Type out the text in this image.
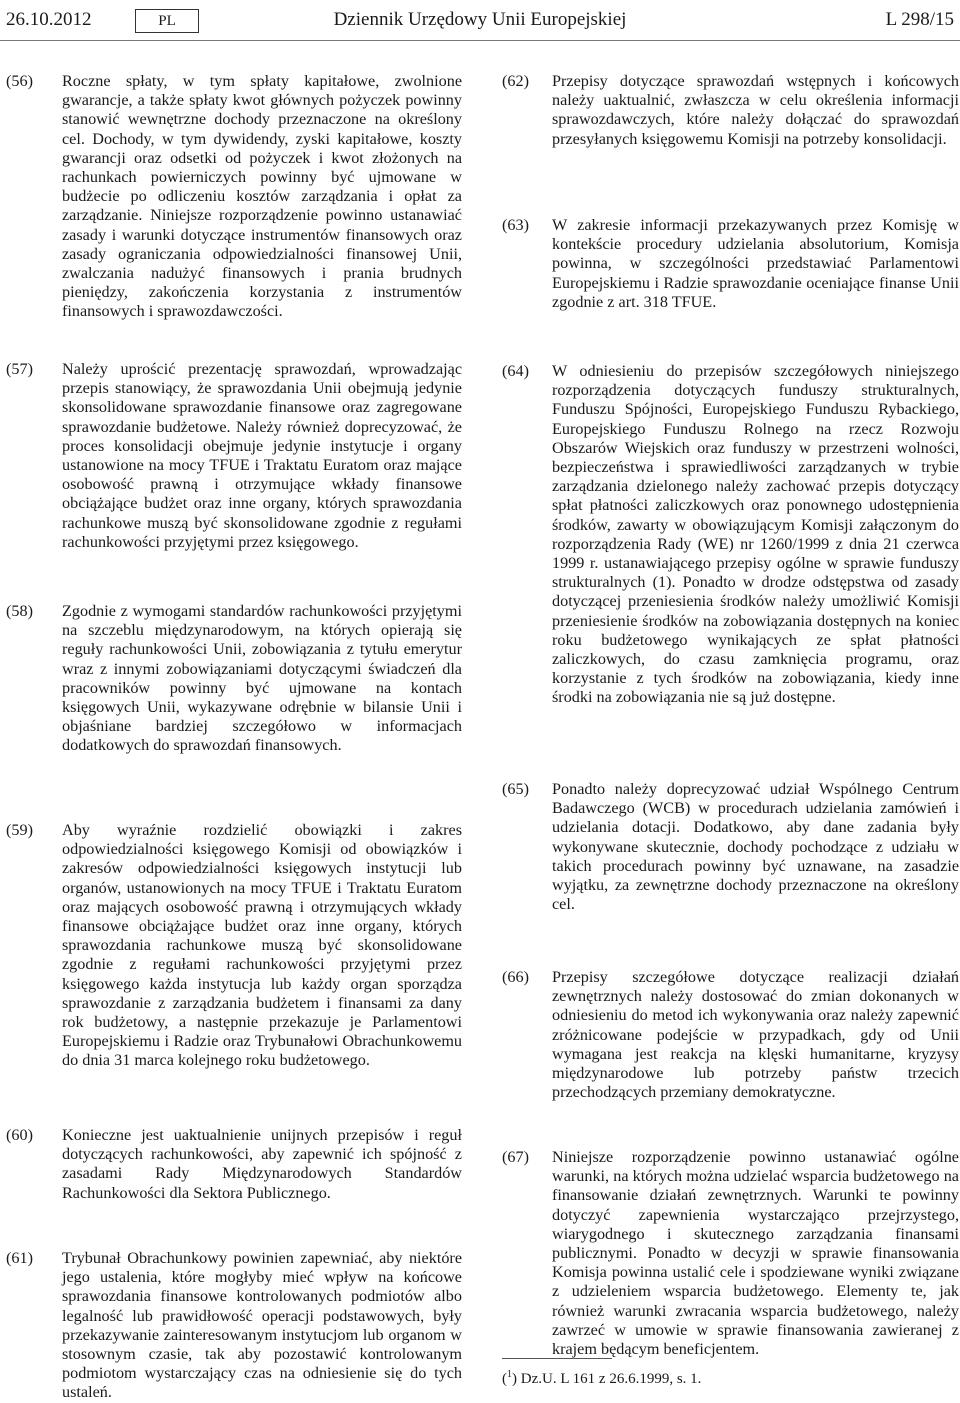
Dziennik Urzędowy Unii Europejskiej
26.10.2012	PL	L 298/15
(56)	Roczne spłaty, w tym spłaty kapitałowe, zwolnione gwarancje, a także spłaty kwot głównych pożyczek powinny stanowić wewnętrzne dochody przeznaczone na określony cel. Dochody, w tym dywidendy, zyski kapitałowe, koszty gwarancji oraz odsetki od pożyczek i kwot złożonych na rachunkach powierniczych powinny być ujmowane w budżecie po odliczeniu kosztów zarządzania i opłat za zarządzanie. Niniejsze rozporządzenie powinno ustanawiać zasady i warunki dotyczące instrumentów finansowych oraz zasady ograniczania odpowiedzialności finansowej Unii, zwalczania nadużyć finansowych i prania brudnych pieniędzy, zakończenia korzystania z instrumentów finansowych i sprawozdawczości.
(57)	Należy uprościć prezentację sprawozdań, wprowadzając przepis stanowiący, że sprawozdania Unii obejmują jedynie skonsolidowane sprawozdanie finansowe oraz zagregowane sprawozdanie budżetowe. Należy również doprecyzować, że proces konsolidacji obejmuje jedynie instytucje i organy ustanowione na mocy TFUE i Traktatu Euratom oraz mające osobowość prawną i otrzymujące wkłady finansowe obciążające budżet oraz inne organy, których sprawozdania rachunkowe muszą być skonsolidowane zgodnie z regułami rachunkowości przyjętymi przez księgowego.
(58)	Zgodnie z wymogami standardów rachunkowości przyjętymi na szczeblu międzynarodowym, na których opierają się reguły rachunkowości Unii, zobowiązania z tytułu emerytur wraz z innymi zobowiązaniami dotyczącymi świadczeń dla pracowników powinny być ujmowane na kontach księgowych Unii, wykazywane odrębnie w bilansie Unii i objaśniane bardziej szczegółowo w informacjach dodatkowych do sprawozdań finansowych.
(59)	Aby wyraźnie rozdzielić obowiązki i zakres odpowiedzialności księgowego Komisji od obowiązków i zakresów odpowiedzialności księgowych instytucji lub organów, ustanowionych na mocy TFUE i Traktatu Euratom oraz mających osobowość prawną i otrzymujących wkłady finansowe obciążające budżet oraz inne organy, których sprawozdania rachunkowe muszą być skonsolidowane zgodnie z regułami rachunkowości przyjętymi przez księgowego każda instytucja lub każdy organ sporządza sprawozdanie z zarządzania budżetem i finansami za dany rok budżetowy, a następnie przekazuje je Parlamentowi Europejskiemu i Radzie oraz Trybunałowi Obrachunkowemu do dnia 31 marca kolejnego roku budżetowego.
(60)	Konieczne jest uaktualnienie unijnych przepisów i reguł dotyczących rachunkowości, aby zapewnić ich spójność z zasadami Rady Międzynarodowych Standardów Rachunkowości dla Sektora Publicznego.
(61)	Trybunał Obrachunkowy powinien zapewniać, aby niektóre jego ustalenia, które mogłyby mieć wpływ na końcowe sprawozdania finansowe kontrolowanych podmiotów albo legalność lub prawidłowość operacji podstawowych, były przekazywanie zainteresowanym instytucjom lub organom w stosownym czasie, tak aby pozostawić kontrolowanym podmiotom wystarczający czas na odniesienie się do tych ustaleń.
(62)	Przepisy dotyczące sprawozdań wstępnych i końcowych należy uaktualnić, zwłaszcza w celu określenia informacji sprawozdawczych, które należy dołączać do sprawozdań przesyłanych księgowemu Komisji na potrzeby konsolidacji.
(63)	W zakresie informacji przekazywanych przez Komisję w kontekście procedury udzielania absolutorium, Komisja powinna, w szczególności przedstawiać Parlamentowi Europejskiemu i Radzie sprawozdanie oceniające finanse Unii zgodnie z art. 318 TFUE.
(64)	W odniesieniu do przepisów szczegółowych niniejszego rozporządzenia dotyczących funduszy strukturalnych, Funduszu Spójności, Europejskiego Funduszu Rybackiego, Europejskiego Funduszu Rolnego na rzecz Rozwoju Obszarów Wiejskich oraz funduszy w przestrzeni wolności, bezpieczeństwa i sprawiedliwości zarządzanych w trybie zarządzania dzielonego należy zachować przepis dotyczący spłat płatności zaliczkowych oraz ponownego udostępnienia środków, zawarty w obowiązującym Komisji załączonym do rozporządzenia Rady (WE) nr 1260/1999 z dnia 21 czerwca 1999 r. ustanawiającego przepisy ogólne w sprawie funduszy strukturalnych (1). Ponadto w drodze odstępstwa od zasady dotyczącej przeniesienia środków należy umożliwić Komisji przeniesienie środków na zobowiązania dostępnych na koniec roku budżetowego wynikających ze spłat płatności zaliczkowych, do czasu zamknięcia programu, oraz korzystanie z tych środków na zobowiązania, kiedy inne środki na zobowiązania nie są już dostępne.
(65)	Ponadto należy doprecyzować udział Wspólnego Centrum Badawczego (WCB) w procedurach udzielania zamówień i udzielania dotacji. Dodatkowo, aby dane zadania były wykonywane skutecznie, dochody pochodzące z udziału w takich procedurach powinny być uznawane, na zasadzie wyjątku, za zewnętrzne dochody przeznaczone na określony cel.
(66)	Przepisy szczegółowe dotyczące realizacji działań zewnętrznych należy dostosować do zmian dokonanych w odniesieniu do metod ich wykonywania oraz należy zapewnić zróżnicowane podejście w przypadkach, gdy od Unii wymagana jest reakcja na klęski humanitarne, kryzysy międzynarodowe lub potrzeby państw trzecich przechodzących przemiany demokratyczne.
(67)	Niniejsze rozporządzenie powinno ustanawiać ogólne warunki, na których można udzielać wsparcia budżetowego na finansowanie działań zewnętrznych. Warunki te powinny dotyczyć zapewnienia wystarczająco przejrzystego, wiarygodnego i skutecznego zarządzania finansami publicznymi. Ponadto w decyzji w sprawie finansowania Komisja powinna ustalić cele i spodziewane wyniki związane z udzieleniem wsparcia budżetowego. Elementy te, jak również warunki zwracania wsparcia budżetowego, należy zawrzeć w umowie w sprawie finansowania zawieranej z krajem będącym beneficjentem.
($^1$) Dz.U. L 161 z 26.6.1999, s. 1.
